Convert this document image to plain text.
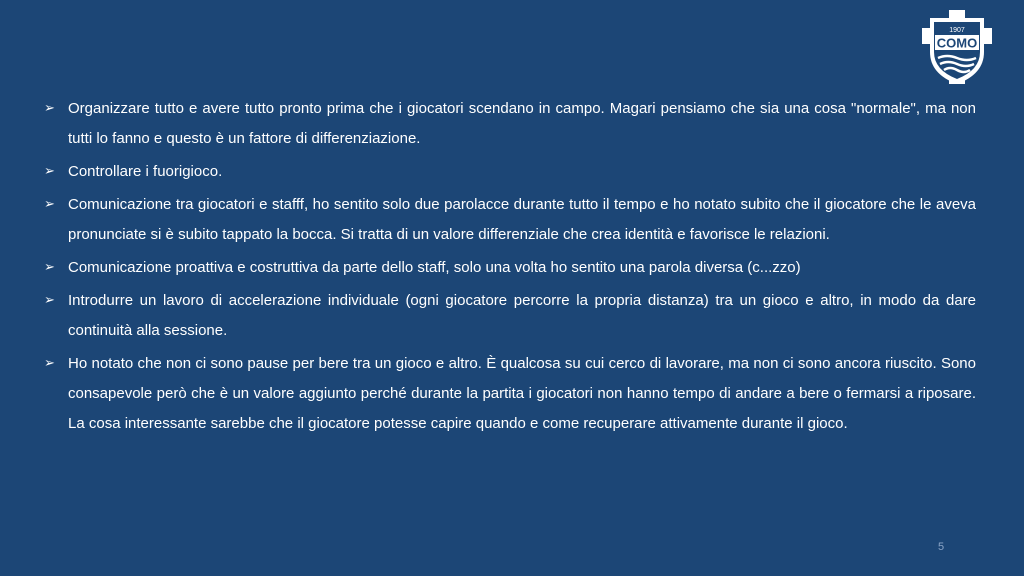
1907
COMO
➢ Organizzare tutto e avere tutto pronto prima che i giocatori scendano in campo. Magari pensiamo che sia una cosa "normale", ma non tutti lo fanno e questo è un fattore di differenziazione.
➢ Controllare i fuorigioco.
➢ Comunicazione tra giocatori e stafff, ho sentito solo due parolacce durante tutto il tempo e ho notato subito che il giocatore che le aveva pronunciate si è subito tappato la bocca. Si tratta di un valore differenziale che crea identità e favorisce le relazioni.
➢ Comunicazione proattiva e costruttiva da parte dello staff, solo una volta ho sentito una parola diversa (c...zzo)
➢ Introdurre un lavoro di accelerazione individuale (ogni giocatore percorre la propria distanza) tra un gioco e altro, in modo da dare continuità alla sessione.
➢ Ho notato che non ci sono pause per bere tra un gioco e altro. È qualcosa su cui cerco di lavorare, ma non ci sono ancora riuscito. Sono consapevole però che è un valore aggiunto perché durante la partita i giocatori non hanno tempo di andare a bere o fermarsi a riposare. La cosa interessante sarebbe che il giocatore potesse capire quando e come recuperare attivamente durante il gioco.
5
